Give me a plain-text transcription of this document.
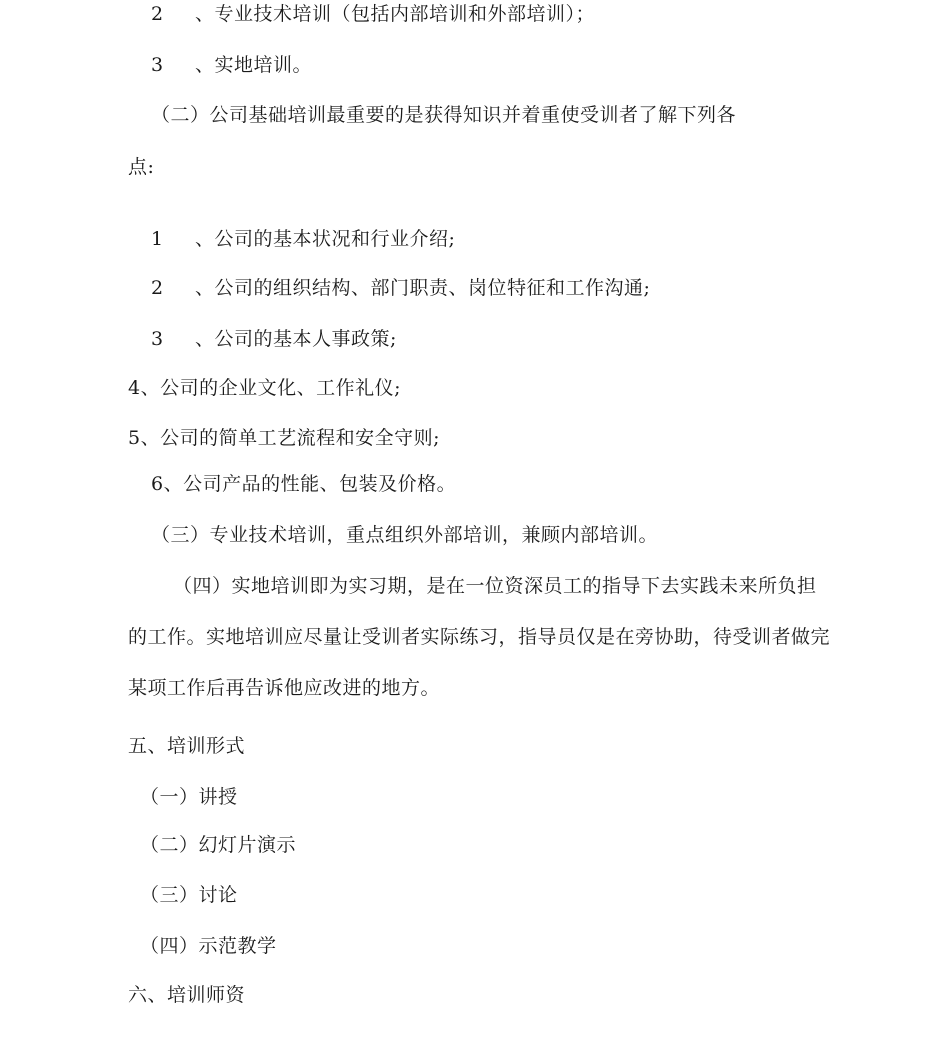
2 、专业技术培训（包括内部培训和外部培训）；
3 、实地培训。
（二）公司基础培训最重要的是获得知识并着重使受训者了解下列各
点:
1 、公司的基本状况和行业介绍;
2 、公司的组织结构、部门职责、岗位特征和工作沟通;
3 、公司的基本人事政策;
4、公司的企业文化、工作礼仪;
5、公司的简单工艺流程和安全守则;
6、公司产品的性能、包装及价格。
（三）专业技术培训，重点组织外部培训，兼顾内部培训。
（四）实地培训即为实习期，是在一位资深员工的指导下去实践未来所负担
的工作。实地培训应尽量让受训者实际练习，指导员仅是在旁协助，待受训者做完
某项工作后再告诉他应改进的地方。
五、培训形式
（一）讲授
（二）幻灯片演示
（三）讨论
（四）示范教学
六、培训师资
